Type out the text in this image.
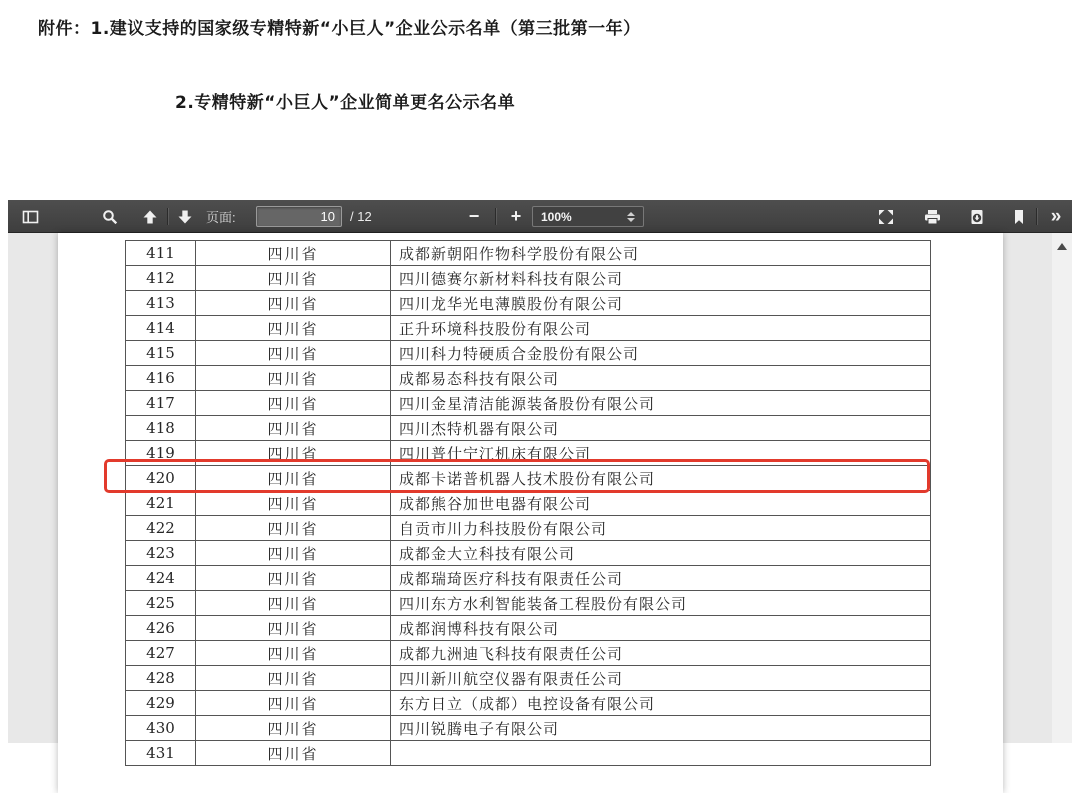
附件：1.建议支持的国家级专精特新“小巨人”企业公示名单（第三批第一年）
2.专精特新“小巨人”企业简单更名公示名单
页面:
10	/ 12	− + 100%	»
411	四川省	成都新朝阳作物科学股份有限公司
412	四川省	四川德赛尔新材料科技有限公司
413	四川省	四川龙华光电薄膜股份有限公司
414	四川省	正升环境科技股份有限公司
415	四川省	四川科力特硬质合金股份有限公司
416	四川省	成都易态科技有限公司
417	四川省	四川金星清洁能源装备股份有限公司
418	四川省	四川杰特机器有限公司
419	四川省	四川普什宁江机床有限公司
420	四川省	成都卡诺普机器人技术股份有限公司
421	四川省	成都熊谷加世电器有限公司
422	四川省	自贡市川力科技股份有限公司
423	四川省	成都金大立科技有限公司
424	四川省	成都瑞琦医疗科技有限责任公司
425	四川省	四川东方水利智能装备工程股份有限公司
426	四川省	成都润博科技有限公司
427	四川省	成都九洲迪飞科技有限责任公司
428	四川省	四川新川航空仪器有限责任公司
429	四川省	东方日立（成都）电控设备有限公司
430	四川省	四川锐腾电子有限公司
431	四川省	
